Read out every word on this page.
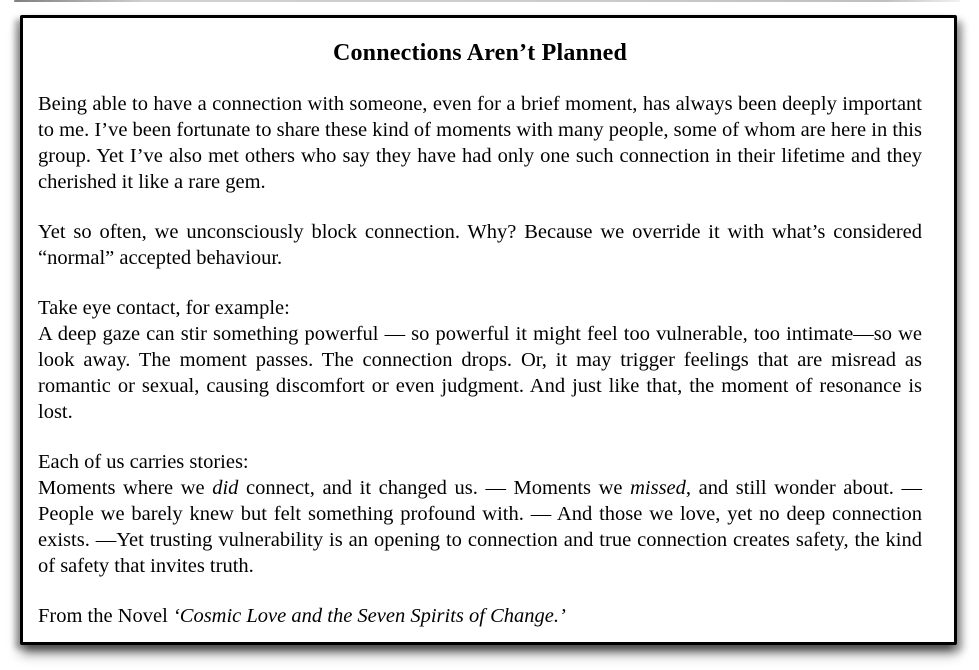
Connections Aren’t Planned

Being able to have a connection with someone, even for a brief moment, has always been deeply important to me. I’ve been fortunate to share these kind of moments with many people, some of whom are here in this group. Yet I’ve also met others who say they have had only one such connection in their lifetime and they cherished it like a rare gem.

Yet so often, we unconsciously block connection. Why? Because we override it with what’s considered “normal” accepted behaviour.

Take eye contact, for example:
A deep gaze can stir something powerful — so powerful it might feel too vulnerable, too intimate—so we look away. The moment passes. The connection drops. Or, it may trigger feelings that are misread as romantic or sexual, causing discomfort or even judgment. And just like that, the moment of resonance is lost.

Each of us carries stories:
Moments where we did connect, and it changed us. — Moments we missed, and still wonder about. — People we barely knew but felt something profound with. — And those we love, yet no deep connection exists. —Yet trusting vulnerability is an opening to connection and true connection creates safety, the kind of safety that invites truth.

From the Novel ‘Cosmic Love and the Seven Spirits of Change.’
